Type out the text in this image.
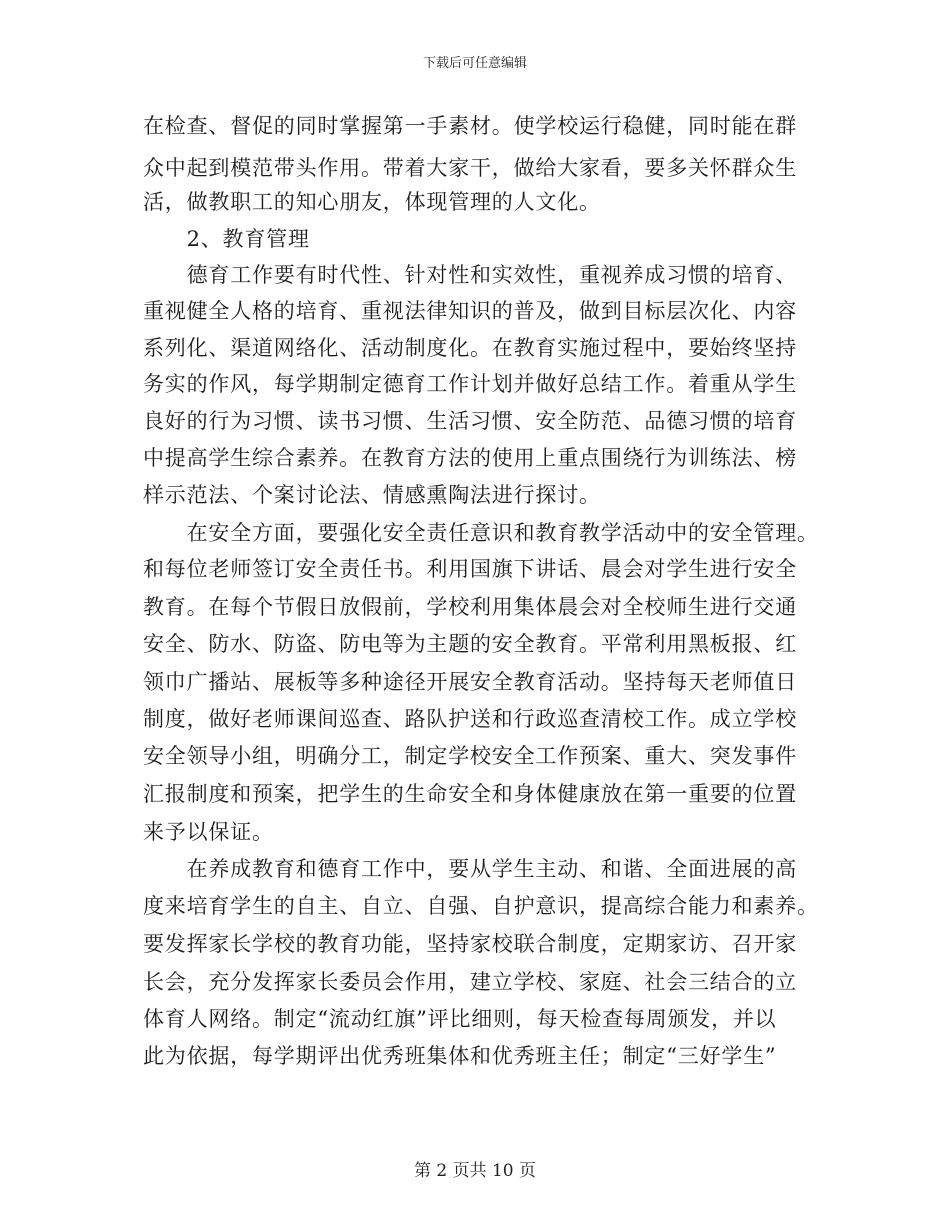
下载后可任意编辑
在检查、督促的同时掌握第一手素材。使学校运行稳健，同时能在群
众中起到模范带头作用。带着大家干，做给大家看，要多关怀群众生
活，做教职工的知心朋友，体现管理的人文化。
　　2、教育管理
　　德育工作要有时代性、针对性和实效性，重视养成习惯的培育、
重视健全人格的培育、重视法律知识的普及，做到目标层次化、内容
系列化、渠道网络化、活动制度化。在教育实施过程中，要始终坚持
务实的作风，每学期制定德育工作计划并做好总结工作。着重从学生
良好的行为习惯、读书习惯、生活习惯、安全防范、品德习惯的培育
中提高学生综合素养。在教育方法的使用上重点围绕行为训练法、榜
样示范法、个案讨论法、情感熏陶法进行探讨。
　　在安全方面，要强化安全责任意识和教育教学活动中的安全管理。
和每位老师签订安全责任书。利用国旗下讲话、晨会对学生进行安全
教育。在每个节假日放假前，学校利用集体晨会对全校师生进行交通
安全、防水、防盗、防电等为主题的安全教育。平常利用黑板报、红
领巾广播站、展板等多种途径开展安全教育活动。坚持每天老师值日
制度，做好老师课间巡查、路队护送和行政巡查清校工作。成立学校
安全领导小组，明确分工，制定学校安全工作预案、重大、突发事件
汇报制度和预案，把学生的生命安全和身体健康放在第一重要的位置
来予以保证。
　　在养成教育和德育工作中，要从学生主动、和谐、全面进展的高
度来培育学生的自主、自立、自强、自护意识，提高综合能力和素养。
要发挥家长学校的教育功能，坚持家校联合制度，定期家访、召开家
长会，充分发挥家长委员会作用，建立学校、家庭、社会三结合的立
体育人网络。制定“流动红旗”评比细则，每天检查每周颁发，并以
此为依据，每学期评出优秀班集体和优秀班主任；制定“三好学生”
第 2 页共 10 页
